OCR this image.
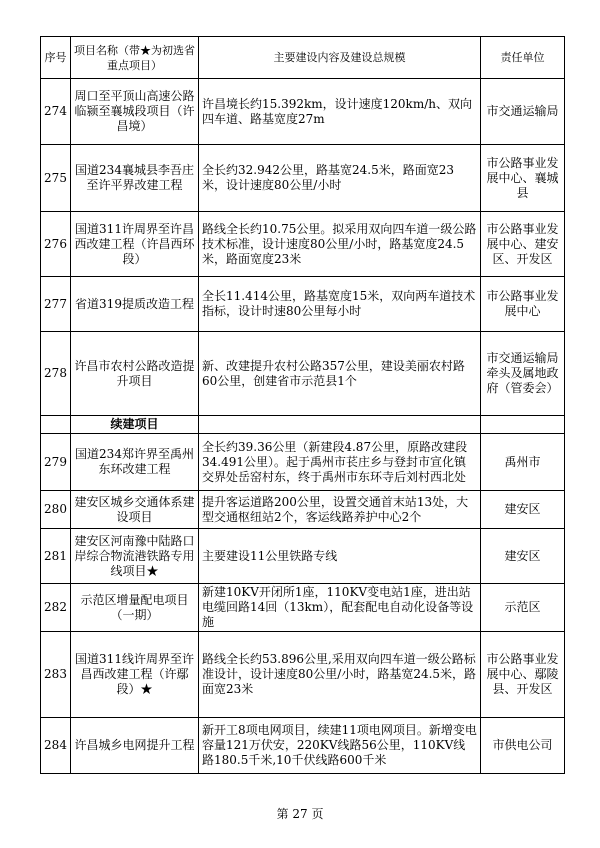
序号	项目名称（带★为初选省重点项目）	主要建设内容及建设总规模	责任单位
274	周口至平顶山高速公路临颍至襄城段项目（许昌境）	许昌境长约15.392km，设计速度120km/h、双向四车道、路基宽度27m	市交通运输局
275	国道234襄城县李吾庄至许平界改建工程	全长约32.942公里，路基宽24.5米，路面宽23米，设计速度80公里/小时	市公路事业发展中心、襄城县
276	国道311许周界至许昌西改建工程（许昌西环段）	路线全长约10.75公里。拟采用双向四车道一级公路技术标准，设计速度80公里/小时，路基宽度24.5米，路面宽度23米	市公路事业发展中心、建安区、开发区
277	省道319提质改造工程	全长11.414公里，路基宽度15米，双向两车道技术指标，设计时速80公里每小时	市公路事业发展中心
278	许昌市农村公路改造提升项目	新、改建提升农村公路357公里，建设美丽农村路60公里，创建省市示范县1个	市交通运输局牵头及属地政府（管委会）
	续建项目		
279	国道234郑许界至禹州东环改建工程	全长约39.36公里（新建段4.87公里，原路改建段34.491公里）。起于禹州市苌庄乡与登封市宣化镇交界处岳窑村东，终于禹州市东环寺后刘村西北处	禹州市
280	建安区城乡交通体系建设项目	提升客运道路200公里，设置交通首末站13处，大型交通枢纽站2个，客运线路养护中心2个	建安区
281	建安区河南豫中陆路口岸综合物流港铁路专用线项目★	主要建设11公里铁路专线	建安区
282	示范区增量配电项目（一期）	新建10KV开闭所1座，110KV变电站1座，进出站电缆回路14回（13km），配套配电自动化设备等设施	示范区
283	国道311线许周界至许昌西改建工程（许鄢段）★	路线全长约53.896公里,采用双向四车道一级公路标准设计，设计速度80公里/小时，路基宽24.5米，路面宽23米	市公路事业发展中心、鄢陵县、开发区
284	许昌城乡电网提升工程	新开工8项电网项目，续建11项电网项目。新增变电容量121万伏安，220KV线路56公里，110KV线路180.5千米,10千伏线路600千米	市供电公司
第 27 页
